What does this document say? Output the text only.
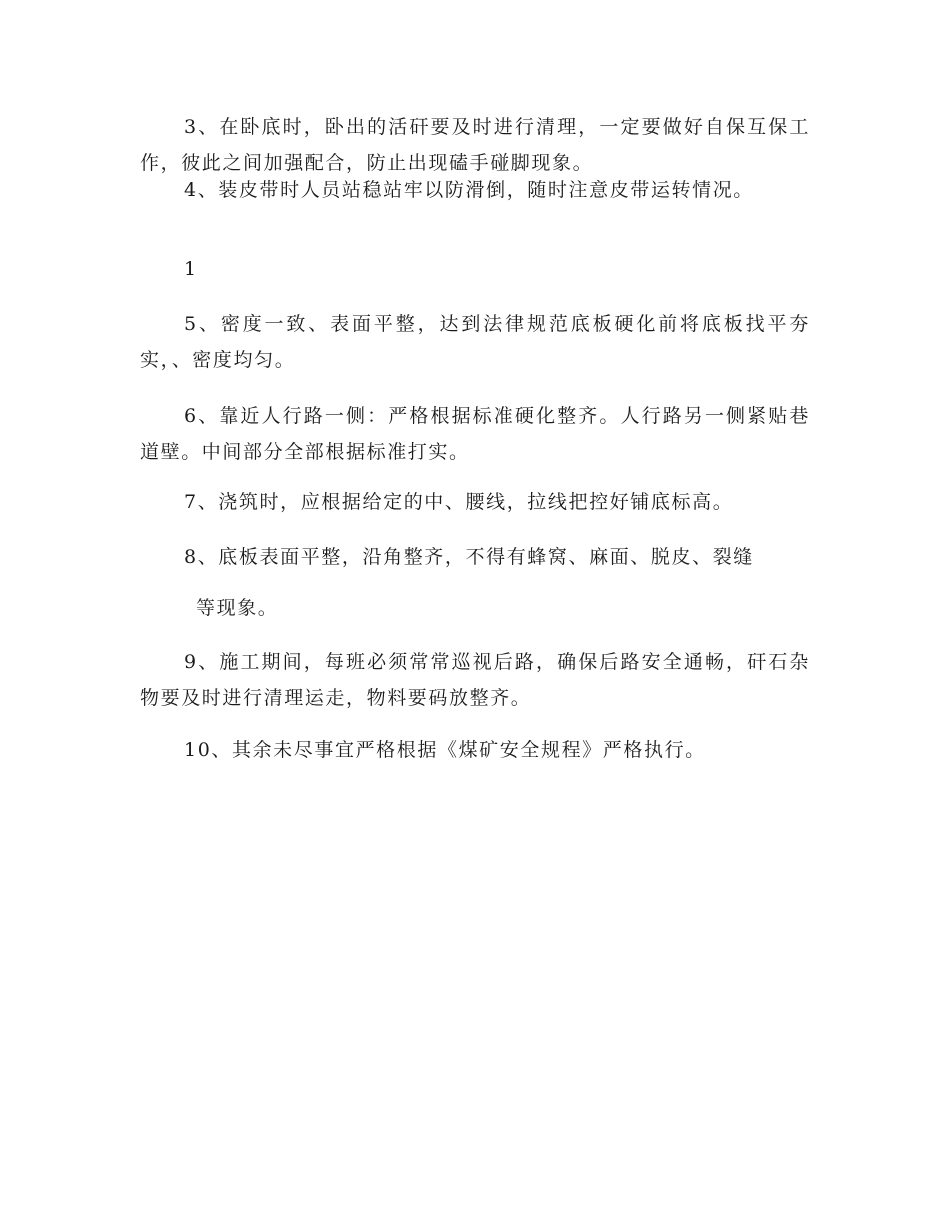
3、在卧底时，卧出的活矸要及时进行清理，一定要做好自保互保工作，彼此之间加强配合，防止出现磕手碰脚现象。

4、装皮带时人员站稳站牢以防滑倒，随时注意皮带运转情况。

1

5、密度一致、表面平整，达到法律规范底板硬化前将底板找平夯实，、密度均匀。

6、靠近人行路一侧：严格根据标准硬化整齐。人行路另一侧紧贴巷道壁。中间部分全部根据标准打实。

7、浇筑时，应根据给定的中、腰线，拉线把控好铺底标高。

8、底板表面平整，沿角整齐，不得有蜂窝、麻面、脱皮、裂缝

等现象。

9、施工期间，每班必须常常巡视后路，确保后路安全通畅，矸石杂物要及时进行清理运走，物料要码放整齐。

10、其余未尽事宜严格根据《煤矿安全规程》严格执行。
